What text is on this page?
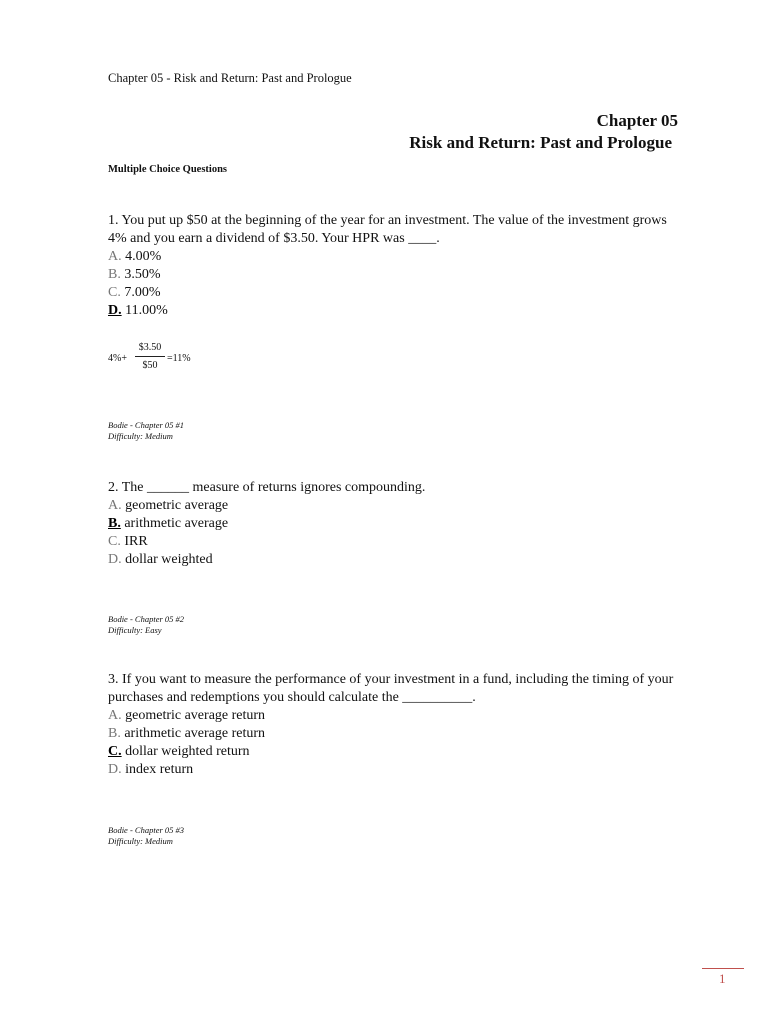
Chapter 05 - Risk and Return: Past and Prologue
Chapter 05
Risk and Return: Past and Prologue
Multiple Choice Questions

1. You put up $50 at the beginning of the year for an investment. The value of the investment grows 4% and you earn a dividend of $3.50. Your HPR was ____.

A. 4.00%

B. 3.50%

C. 7.00%

D. 11.00%

$4\%+ \frac{\$3.50}{\$50} =11\%$
Bodie - Chapter 05 #1
Difficulty: Medium

2. The ______ measure of returns ignores compounding.

A. geometric average

B. arithmetic average

C. IRR

D. dollar weighted

Bodie - Chapter 05 #2
Difficulty: Easy

3. If you want to measure the performance of your investment in a fund, including the timing of your purchases and redemptions you should calculate the __________.

A. geometric average return

B. arithmetic average return

C. dollar weighted return

D. index return

Bodie - Chapter 05 #3
Difficulty: Medium
1
